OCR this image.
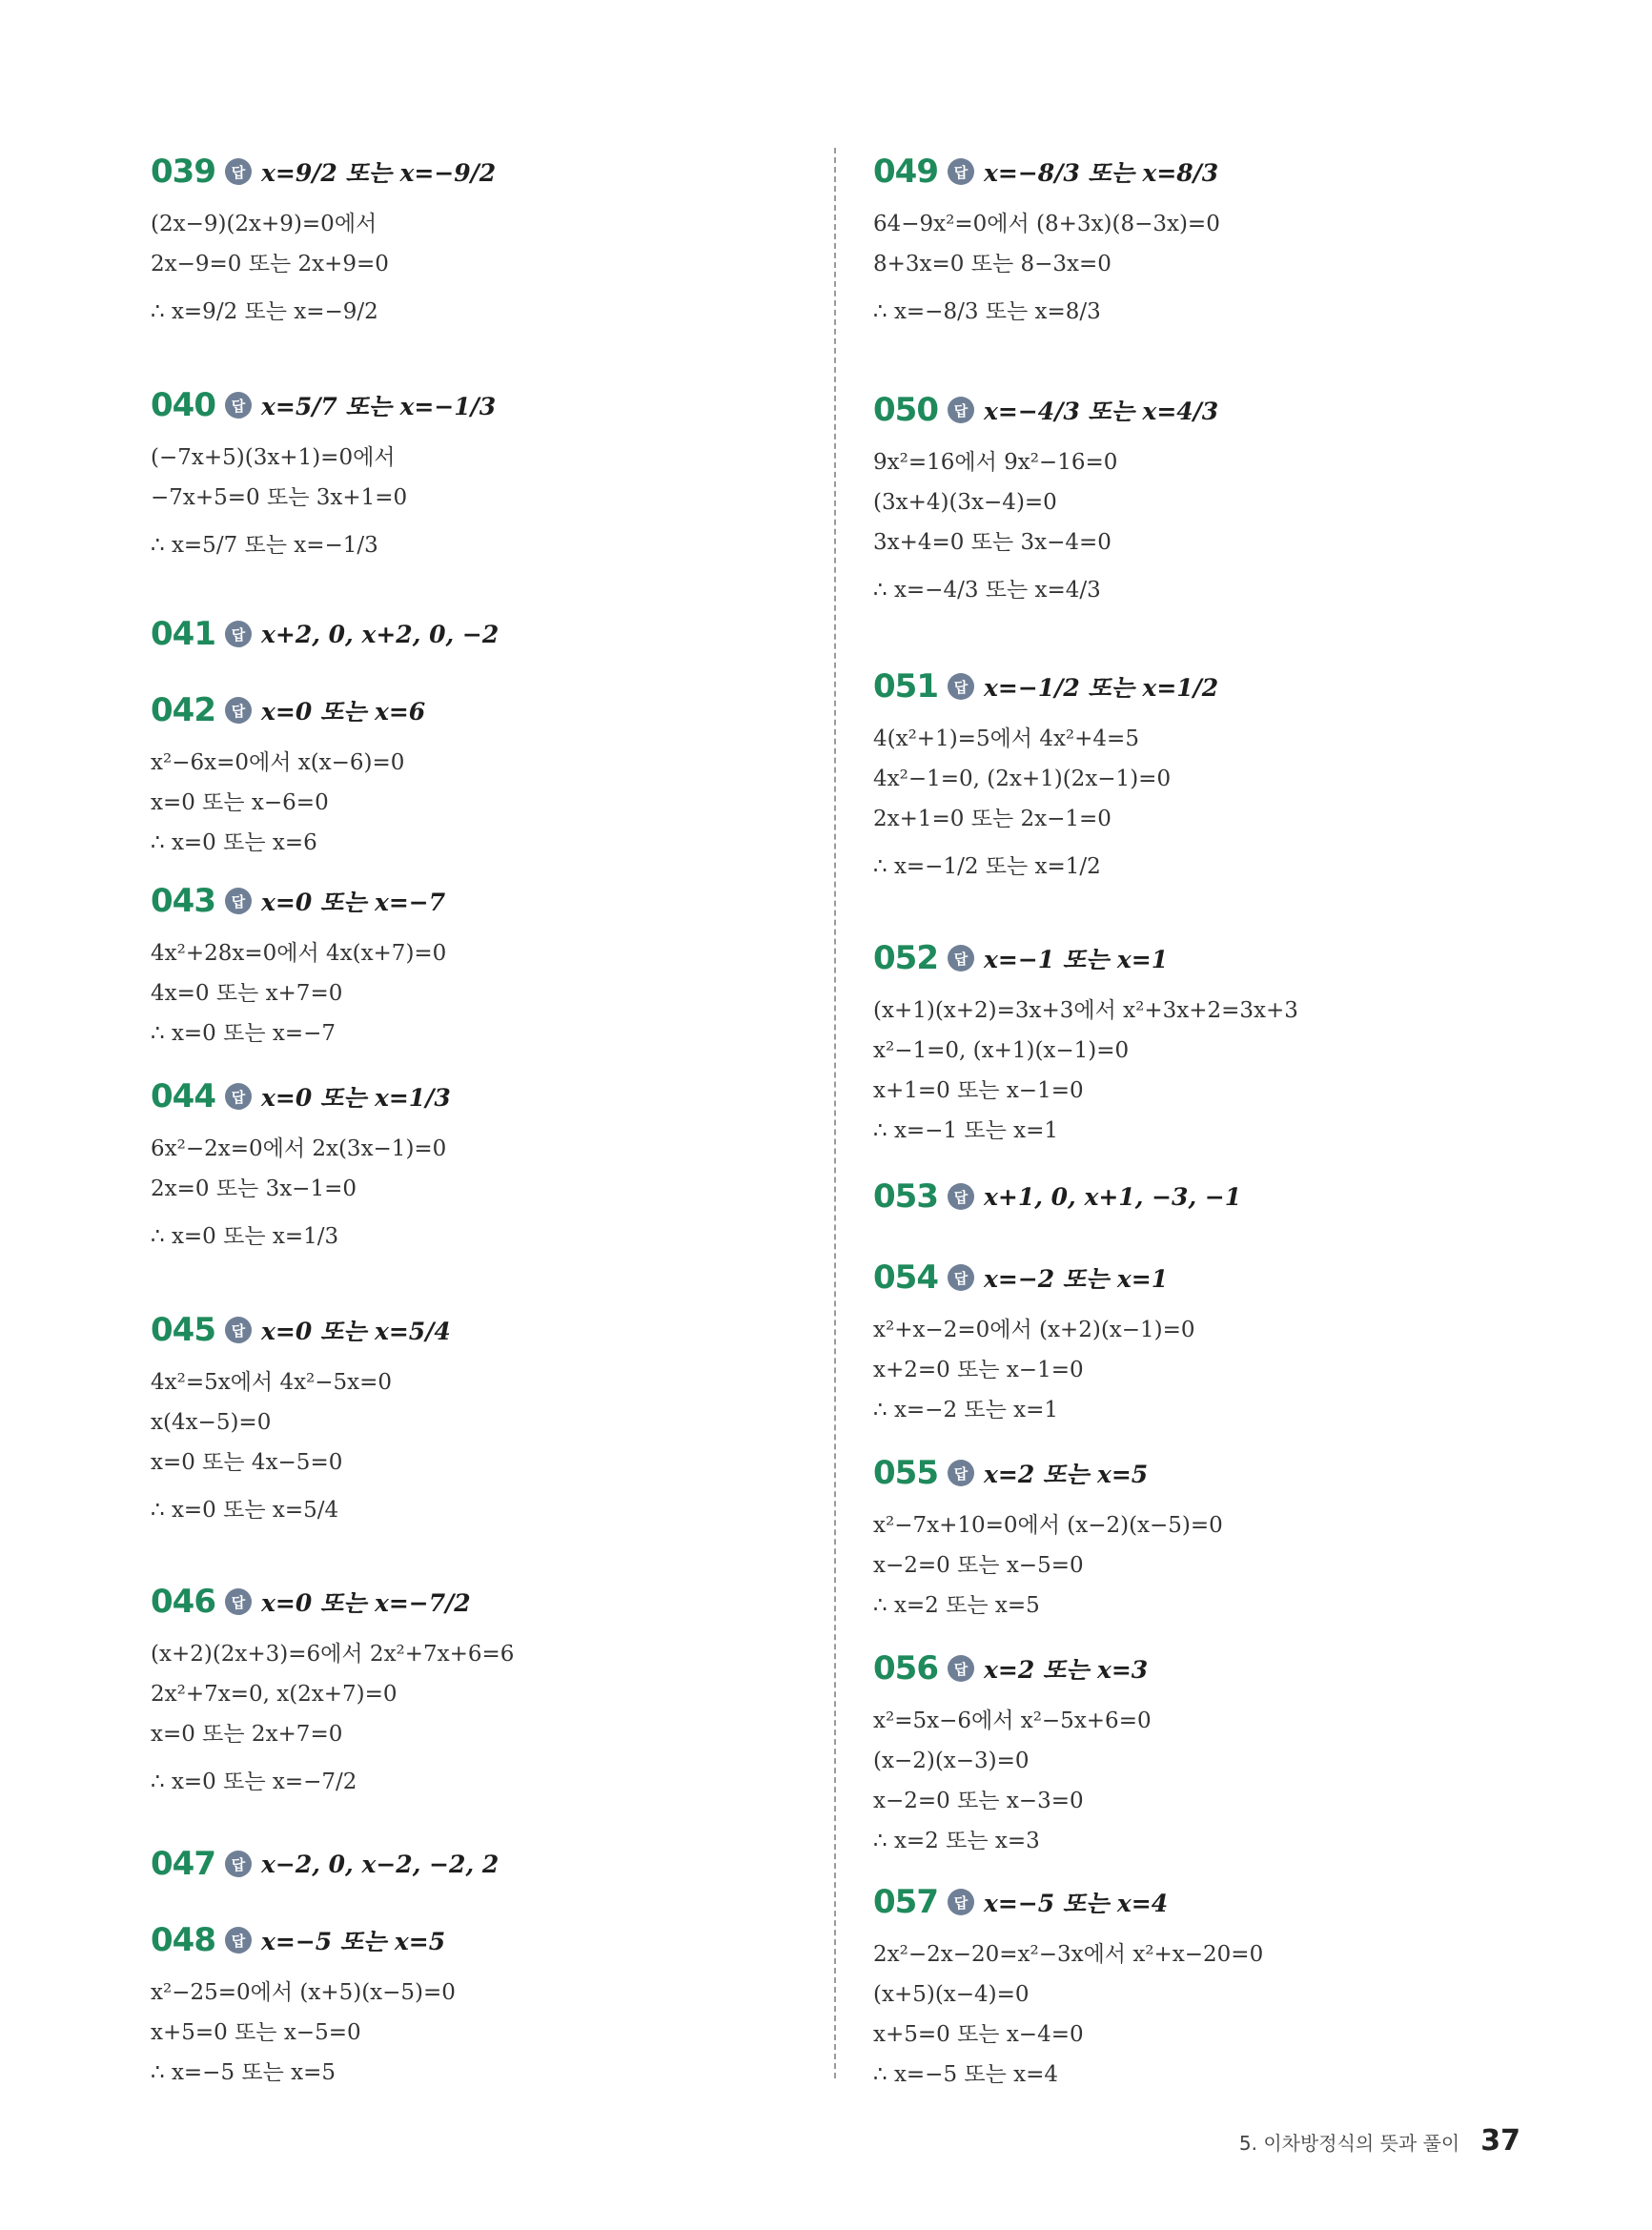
039	답 x=9/2 또는 x=−9/2
(2x−9)(2x+9)=0에서
2x−9=0 또는 2x+9=0
∴ x=9/2 또는 x=−9/2
040	답 x=5/7 또는 x=−1/3
(−7x+5)(3x+1)=0에서
−7x+5=0 또는 3x+1=0
∴ x=5/7 또는 x=−1/3
041	답 x+2, 0, x+2, 0, −2
042	답 x=0 또는 x=6
x²−6x=0에서 x(x−6)=0
x=0 또는 x−6=0
∴ x=0 또는 x=6
043	답 x=0 또는 x=−7
4x²+28x=0에서 4x(x+7)=0
4x=0 또는 x+7=0
∴ x=0 또는 x=−7
044	답 x=0 또는 x=1/3
6x²−2x=0에서 2x(3x−1)=0
2x=0 또는 3x−1=0
∴ x=0 또는 x=1/3
045	답 x=0 또는 x=5/4
4x²=5x에서 4x²−5x=0
x(4x−5)=0
x=0 또는 4x−5=0
∴ x=0 또는 x=5/4
046	답 x=0 또는 x=−7/2
(x+2)(2x+3)=6에서 2x²+7x+6=6
2x²+7x=0, x(2x+7)=0
x=0 또는 2x+7=0
∴ x=0 또는 x=−7/2
047	답 x−2, 0, x−2, −2, 2
048	답 x=−5 또는 x=5
x²−25=0에서 (x+5)(x−5)=0
x+5=0 또는 x−5=0
∴ x=−5 또는 x=5
049	답 x=−8/3 또는 x=8/3
64−9x²=0에서 (8+3x)(8−3x)=0
8+3x=0 또는 8−3x=0
∴ x=−8/3 또는 x=8/3
050	답 x=−4/3 또는 x=4/3
9x²=16에서 9x²−16=0
(3x+4)(3x−4)=0
3x+4=0 또는 3x−4=0
∴ x=−4/3 또는 x=4/3
051	답 x=−1/2 또는 x=1/2
4(x²+1)=5에서 4x²+4=5
4x²−1=0, (2x+1)(2x−1)=0
2x+1=0 또는 2x−1=0
∴ x=−1/2 또는 x=1/2
052	답 x=−1 또는 x=1
(x+1)(x+2)=3x+3에서 x²+3x+2=3x+3
x²−1=0, (x+1)(x−1)=0
x+1=0 또는 x−1=0
∴ x=−1 또는 x=1
053	답 x+1, 0, x+1, −3, −1
054	답 x=−2 또는 x=1
x²+x−2=0에서 (x+2)(x−1)=0
x+2=0 또는 x−1=0
∴ x=−2 또는 x=1
055	답 x=2 또는 x=5
x²−7x+10=0에서 (x−2)(x−5)=0
x−2=0 또는 x−5=0
∴ x=2 또는 x=5
056	답 x=2 또는 x=3
x²=5x−6에서 x²−5x+6=0
(x−2)(x−3)=0
x−2=0 또는 x−3=0
∴ x=2 또는 x=3
057	답 x=−5 또는 x=4
2x²−2x−20=x²−3x에서 x²+x−20=0
(x+5)(x−4)=0
x+5=0 또는 x−4=0
∴ x=−5 또는 x=4
5. 이차방정식의 뜻과 풀이 37
